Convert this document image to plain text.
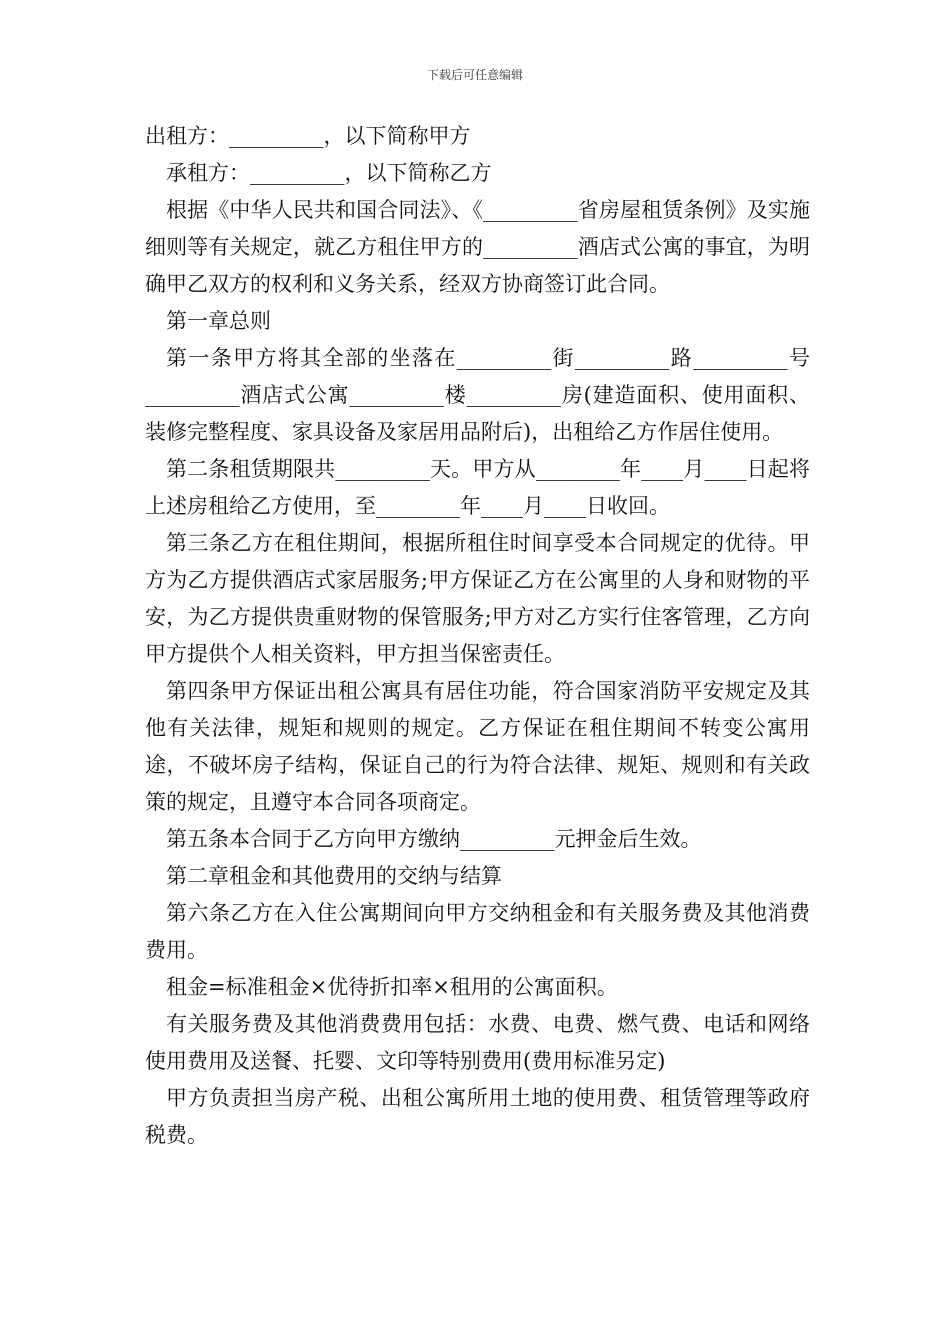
下载后可任意编辑

出租方：_________，以下简称甲方

承租方：_________，以下简称乙方

根据《中华人民共和国合同法》、《_________省房屋租赁条例》及实施细则等有关规定，就乙方租住甲方的_________酒店式公寓的事宜，为明确甲乙双方的权利和义务关系，经双方协商签订此合同。

第一章总则

第一条甲方将其全部的坐落在_________街_________路_________号_________酒店式公寓_________楼_________房(建造面积、使用面积、装修完整程度、家具设备及家居用品附后)，出租给乙方作居住使用。

第二条租赁期限共_________天。甲方从________年____月____日起将上述房租给乙方使用，至________年____月____日收回。

第三条乙方在租住期间，根据所租住时间享受本合同规定的优待。甲方为乙方提供酒店式家居服务;甲方保证乙方在公寓里的人身和财物的平安，为乙方提供贵重财物的保管服务;甲方对乙方实行住客管理，乙方向甲方提供个人相关资料，甲方担当保密责任。

第四条甲方保证出租公寓具有居住功能，符合国家消防平安规定及其他有关法律，规矩和规则的规定。乙方保证在租住期间不转变公寓用途，不破坏房子结构，保证自己的行为符合法律、规矩、规则和有关政策的规定，且遵守本合同各项商定。

第五条本合同于乙方向甲方缴纳_________元押金后生效。

第二章租金和其他费用的交纳与结算

第六条乙方在入住公寓期间向甲方交纳租金和有关服务费及其他消费费用。

租金=标准租金×优待折扣率×租用的公寓面积。

有关服务费及其他消费费用包括：水费、电费、燃气费、电话和网络使用费用及送餐、托婴、文印等特别费用(费用标准另定)

甲方负责担当房产税、出租公寓所用土地的使用费、租赁管理等政府税费。
